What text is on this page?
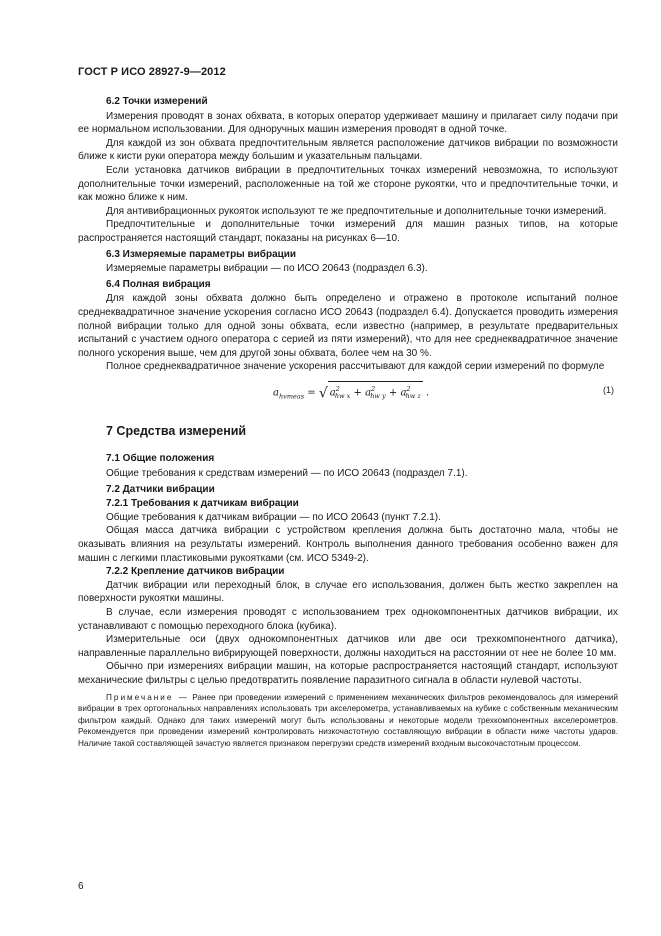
ГОСТ Р ИСО 28927-9—2012

6.2 Точки измерений

Измерения проводят в зонах обхвата, в которых оператор удерживает машину и прилагает силу подачи при ее нормальном использовании. Для одноручных машин измерения проводят в одной точке.

Для каждой из зон обхвата предпочтительным является расположение датчиков вибрации по возможности ближе к кисти руки оператора между большим и указательным пальцами.

Если установка датчиков вибрации в предпочтительных точках измерений невозможна, то используют дополнительные точки измерений, расположенные на той же стороне рукоятки, что и предпочтительные точки, и как можно ближе к ним.

Для антивибрационных рукояток используют те же предпочтительные и дополнительные точки измерений.

Предпочтительные и дополнительные точки измерений для машин разных типов, на которые распространяется настоящий стандарт, показаны на рисунках 6—10.

6.3 Измеряемые параметры вибрации

Измеряемые параметры вибрации — по ИСО 20643 (подраздел 6.3).

6.4 Полная вибрация

Для каждой зоны обхвата должно быть определено и отражено в протоколе испытаний полное среднеквадратичное значение ускорения согласно ИСО 20643 (подраздел 6.4). Допускается проводить измерения полной вибрации только для одной зоны обхвата, если известно (например, в результате предварительных испытаний с участием одного оператора с серией из пяти измерений), что для нее среднеквадратичное значение полного ускорения выше, чем для другой зоны обхвата, более чем на 30 %.

Полное среднеквадратичное значение ускорения рассчитывают для каждой серии измерений по формуле

$a_{hvmeas}$ = √ $a^2_{hw x} + a^2_{hw y} + a^2_{hw z}$ .	(1)

7 Средства измерений

7.1 Общие положения

Общие требования к средствам измерений — по ИСО 20643 (подраздел 7.1).

7.2 Датчики вибрации

7.2.1 Требования к датчикам вибрации

Общие требования к датчикам вибрации — по ИСО 20643 (пункт 7.2.1).

Общая масса датчика вибрации с устройством крепления должна быть достаточно мала, чтобы не оказывать влияния на результаты измерений. Контроль выполнения данного требования особенно важен для машин с легкими пластиковыми рукоятками (см. ИСО 5349-2).

7.2.2 Крепление датчиков вибрации

Датчик вибрации или переходный блок, в случае его использования, должен быть жестко закреплен на поверхности рукоятки машины.

В случае, если измерения проводят с использованием трех однокомпонентных датчиков вибрации, их устанавливают с помощью переходного блока (кубика).

Измерительные оси (двух однокомпонентных датчиков или две оси трехкомпонентного датчика), направленные параллельно вибрирующей поверхности, должны находиться на расстоянии от нее не более 10 мм.

Обычно при измерениях вибрации машин, на которые распространяется настоящий стандарт, используют механические фильтры с целью предотвратить появление паразитного сигнала в области нулевой частоты.

Примечание — Ранее при проведении измерений с применением механических фильтров рекомендовалось для измерений вибрации в трех ортогональных направлениях использовать три акселерометра, устанавливаемых на кубике с собственным механическим фильтром каждый. Однако для таких измерений могут быть использованы и некоторые модели трехкомпонентных акселерометров. Рекомендуется при проведении измерений контролировать низкочастотную составляющую вибрации в области ниже частоты ударов. Наличие такой составляющей зачастую является признаком перегрузки средств измерений входным высокочастотным процессом.

6
